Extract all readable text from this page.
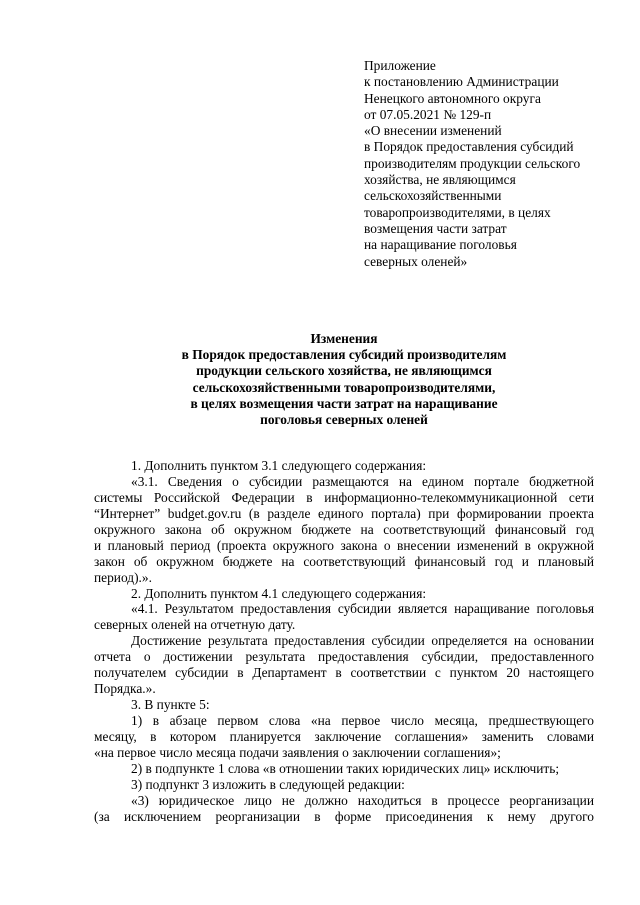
Приложение
к постановлению Администрации
Ненецкого автономного округа
от 07.05.2021 № 129-п
«О внесении изменений
в Порядок предоставления субсидий
производителям продукции сельского
хозяйства, не являющимся
сельскохозяйственными
товаропроизводителями, в целях
возмещения части затрат
на наращивание поголовья
северных оленей»
Изменения
в Порядок предоставления субсидий производителям
продукции сельского хозяйства, не являющимся
сельскохозяйственными товаропроизводителями,
в целях возмещения части затрат на наращивание
поголовья северных оленей
1. Дополнить пунктом 3.1 следующего содержания:
«3.1. Сведения о субсидии размещаются на едином портале бюджетной
системы Российской Федерации в информационно-телекоммуникационной сети
“Интернет” budget.gov.ru (в разделе единого портала) при формировании проекта
окружного закона об окружном бюджете на соответствующий финансовый год
и плановый период (проекта окружного закона о внесении изменений в окружной
закон об окружном бюджете на соответствующий финансовый год и плановый
период).».
2. Дополнить пунктом 4.1 следующего содержания:
«4.1. Результатом предоставления субсидии является наращивание поголовья
северных оленей на отчетную дату.
Достижение результата предоставления субсидии определяется на основании
отчета о достижении результата предоставления субсидии, предоставленного
получателем субсидии в Департамент в соответствии с пунктом 20 настоящего
Порядка.».
3. В пункте 5:
1) в абзаце первом слова «на первое число месяца, предшествующего
месяцу, в котором планируется заключение соглашения» заменить словами
«на первое число месяца подачи заявления о заключении соглашения»;
2) в подпункте 1 слова «в отношении таких юридических лиц» исключить;
3) подпункт 3 изложить в следующей редакции:
«3) юридическое лицо не должно находиться в процессе реорганизации
(за исключением реорганизации в форме присоединения к нему другого
